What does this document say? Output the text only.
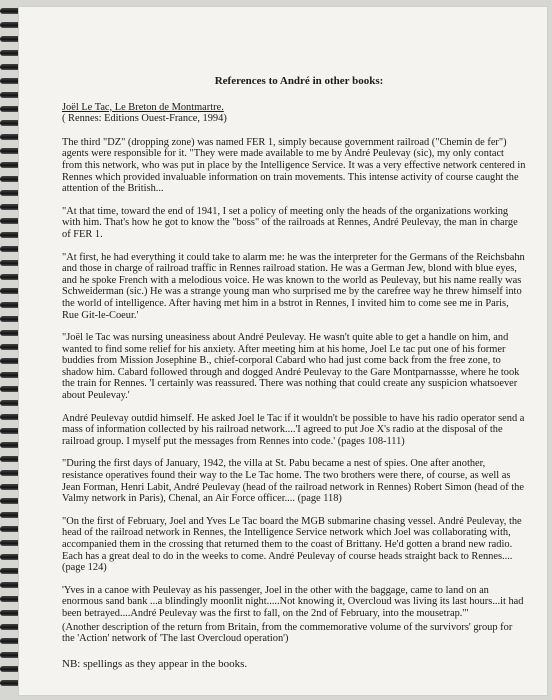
References to André in other books:

Joël Le Tac, Le Breton de Montmartre.

( Rennes: Editions Ouest-France, 1994)

The third "DZ" (dropping zone) was named FER 1, simply because government railroad ("Chemin de fer") agents were responsible for it. "They were made available to me by André Peulevay (sic), my only contact from this network, who was put in place by the Intelligence Service. It was a very effective network centered in Rennes which provided invaluable information on train movements. This intense activity of course caught the attention of the British...

"At that time, toward the end of 1941, I set a policy of meeting only the heads of the organizations working with him. That's how he got to know the "boss" of the railroads at Rennes, André Peulevay, the man in charge of FER 1.

"At first, he had everything it could take to alarm me: he was the interpreter for the Germans of the Reichsbahn and those in charge of railroad traffic in Rennes railroad station. He was a German Jew, blond with blue eyes, and he spoke French with a melodious voice. He was known to the world as Peulevay, but his name really was Schweiderman (sic.) He was a strange young man who surprised me by the carefree way he threw himself into the world of intelligence. After having met him in a bstrot in Rennes, I invited him to come see me in Paris, Rue Git-le-Coeur.'

"Joël le Tac was nursing uneasiness about André Peulevay. He wasn't quite able to get a handle on him, and wanted to find some relief for his anxiety. After meeting him at his home, Joel Le tac put one of his former buddies from Mission Josephine B., chief-corporal Cabard who had just come back from the free zone, to shadow him. Cabard followed through and dogged André Peulevay to the Gare Montparnassse, where he took the train for Rennes. 'I certainly was reassured. There was nothing that could create any suspicion whatsoever about Peulevay.'

André Peulevay outdid himself. He asked Joel le Tac if it wouldn't be possible to have his radio operator send a mass of information collected by his railroad network....'I agreed to put Joe X's radio at the disposal of the railroad group. I myself put the messages from Rennes into code.' (pages 108-111)

"During the first days of January, 1942, the villa at St. Pabu became a nest of spies. One after another, resistance operatives found their way to the Le Tac home. The two brothers were there, of course, as well as Jean Forman, Henri Labit, André Peulevay (head of the railroad network in Rennes) Robert Simon (head of the Valmy network in Paris), Chenal, an Air Force officer.... (page 118)

"On the first of February, Joel and Yves Le Tac board the MGB submarine chasing vessel. André Peulevay, the head of the railroad network in Rennes, the Intelligence Service network which Joel was collaborating with, accompanied them in the crossing that returned them to the coast of Brittany. He'd gotten a brand new radio. Each has a great deal to do in the weeks to come. André Peulevay of course heads straight back to Rennes.... (page 124)

'Yves in a canoe with Peulevay as his passenger, Joel in the other with the baggage, came to land on an enormous sand bank ...a blindingly moonlit night.....Not knowing it, Overcloud was living its last hours...it had been betrayed....André Peulevay was the first to fall, on the 2nd of February, into the mousetrap.'"

(Another description of the return from Britain, from the commemorative volume of the survivors' group for the 'Action' network of 'The last Overcloud operation')

NB: spellings as they appear in the books.
